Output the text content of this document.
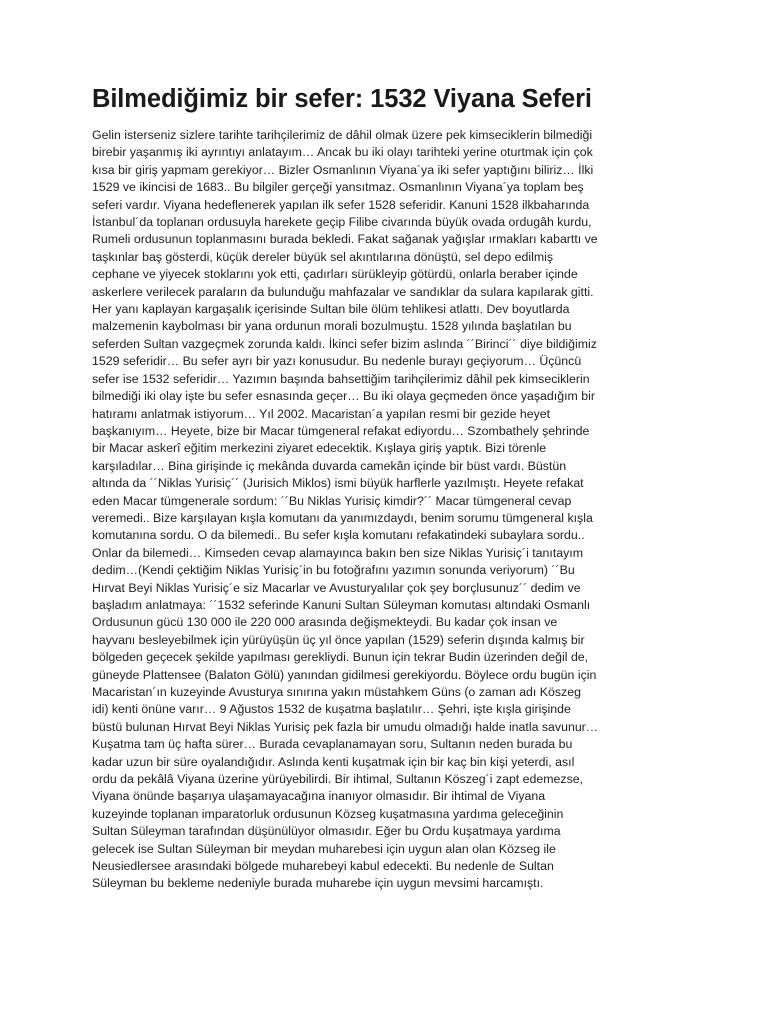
Bilmediğimiz bir sefer: 1532 Viyana Seferi
Gelin isterseniz sizlere tarihte tarihçilerimiz de dâhil olmak üzere pek kimseciklerin bilmediği
birebir yaşanmış iki ayrıntıyı anlatayım… Ancak bu iki olayı tarihteki yerine oturtmak için çok
kısa bir giriş yapmam gerekiyor… Bizler Osmanlının Viyana´ya iki sefer yaptığını biliriz… İlki
1529 ve ikincisi de 1683.. Bu bilgiler gerçeği yansıtmaz. Osmanlının Viyana´ya toplam beş
seferi vardır. Viyana hedeflenerek yapılan ilk sefer 1528 seferidir. Kanuni 1528 ilkbaharında
İstanbul´da toplanan ordusuyla harekete geçip Filibe civarında büyük ovada ordugâh kurdu,
Rumeli ordusunun toplanmasını burada bekledi. Fakat sağanak yağışlar ırmakları kabarttı ve
taşkınlar baş gösterdi, küçük dereler büyük sel akıntılarına dönüştü, sel depo edilmiş
cephane ve yiyecek stoklarını yok etti, çadırları sürükleyip götürdü, onlarla beraber içinde
askerlere verilecek paraların da bulunduğu mahfazalar ve sandıklar da sulara kapılarak gitti.
Her yanı kaplayan kargaşalık içerisinde Sultan bile ölüm tehlikesi atlattı. Dev boyutlarda
malzemenin kaybolması bir yana ordunun morali bozulmuştu. 1528 yılında başlatılan bu
seferden Sultan vazgeçmek zorunda kaldı. İkinci sefer bizim aslında ´´Birinci´´ diye bildiğimiz
1529 seferidir… Bu sefer ayrı bir yazı konusudur. Bu nedenle burayı geçiyorum… Üçüncü
sefer ise 1532 seferidir… Yazımın başında bahsettiğim tarihçilerimiz dâhil pek kimseciklerin
bilmediği iki olay işte bu sefer esnasında geçer… Bu iki olaya geçmeden önce yaşadığım bir
hatıramı anlatmak istiyorum… Yıl 2002. Macaristan´a yapılan resmi bir gezide heyet
başkanıyım… Heyete, bize bir Macar tümgeneral refakat ediyordu… Szombathely şehrinde
bir Macar askerî eğitim merkezini ziyaret edecektik. Kışlaya giriş yaptık. Bizi törenle
karşıladılar… Bina girişinde iç mekânda duvarda camekân içinde bir büst vardı. Büstün
altında da ´´Niklas Yurisiç´´ (Jurisich Miklos) ismi büyük harflerle yazılmıştı. Heyete refakat
eden Macar tümgenerale sordum: ´´Bu Niklas Yurisiç kimdir?´´ Macar tümgeneral cevap
veremedi.. Bize karşılayan kışla komutanı da yanımızdaydı, benim sorumu tümgeneral kışla
komutanına sordu. O da bilemedi.. Bu sefer kışla komutanı refakatindeki subaylara sordu..
Onlar da bilemedi… Kimseden cevap alamayınca bakın ben size Niklas Yurisiç´i tanıtayım
dedim…(Kendi çektiğim Niklas Yurisiç´in bu fotoğrafını yazımın sonunda veriyorum) ´´Bu
Hırvat Beyi Niklas Yurisiç´e siz Macarlar ve Avusturyalılar çok şey borçlusunuz´´ dedim ve
başladım anlatmaya: ´´1532 seferinde Kanuni Sultan Süleyman komutası altındaki Osmanlı
Ordusunun gücü 130 000 ile 220 000 arasında değişmekteydi. Bu kadar çok insan ve
hayvanı besleyebilmek için yürüyüşün üç yıl önce yapılan (1529) seferin dışında kalmış bir
bölgeden geçecek şekilde yapılması gerekliydi. Bunun için tekrar Budin üzerinden değil de,
güneyde Plattensee (Balaton Gölü) yanından gidilmesi gerekiyordu. Böylece ordu bugün için
Macaristan´ın kuzeyinde Avusturya sınırına yakın müstahkem Güns (o zaman adı Köszeg
idi) kenti önüne varır… 9 Ağustos 1532 de kuşatma başlatılır… Şehri, işte kışla girişinde
büstü bulunan Hırvat Beyi Niklas Yurisiç pek fazla bir umudu olmadığı halde inatla savunur…
Kuşatma tam üç hafta sürer… Burada cevaplanamayan soru, Sultanın neden burada bu
kadar uzun bir süre oyalandığıdır. Aslında kenti kuşatmak için bir kaç bin kişi yeterdi, asıl
ordu da pekâlâ Viyana üzerine yürüyebilirdi. Bir ihtimal, Sultanın Köszeg´i zapt edemezse,
Viyana önünde başarıya ulaşamayacağına inanıyor olmasıdır. Bir ihtimal de Viyana
kuzeyinde toplanan imparatorluk ordusunun Közseg kuşatmasına yardıma geleceğinin
Sultan Süleyman tarafından düşünülüyor olmasıdır. Eğer bu Ordu kuşatmaya yardıma
gelecek ise Sultan Süleyman bir meydan muharebesi için uygun alan olan Közseg ile
Neusiedlersee arasındaki bölgede muharebeyi kabul edecekti. Bu nedenle de Sultan
Süleyman bu bekleme nedeniyle burada muharebe için uygun mevsimi harcamıştı.
